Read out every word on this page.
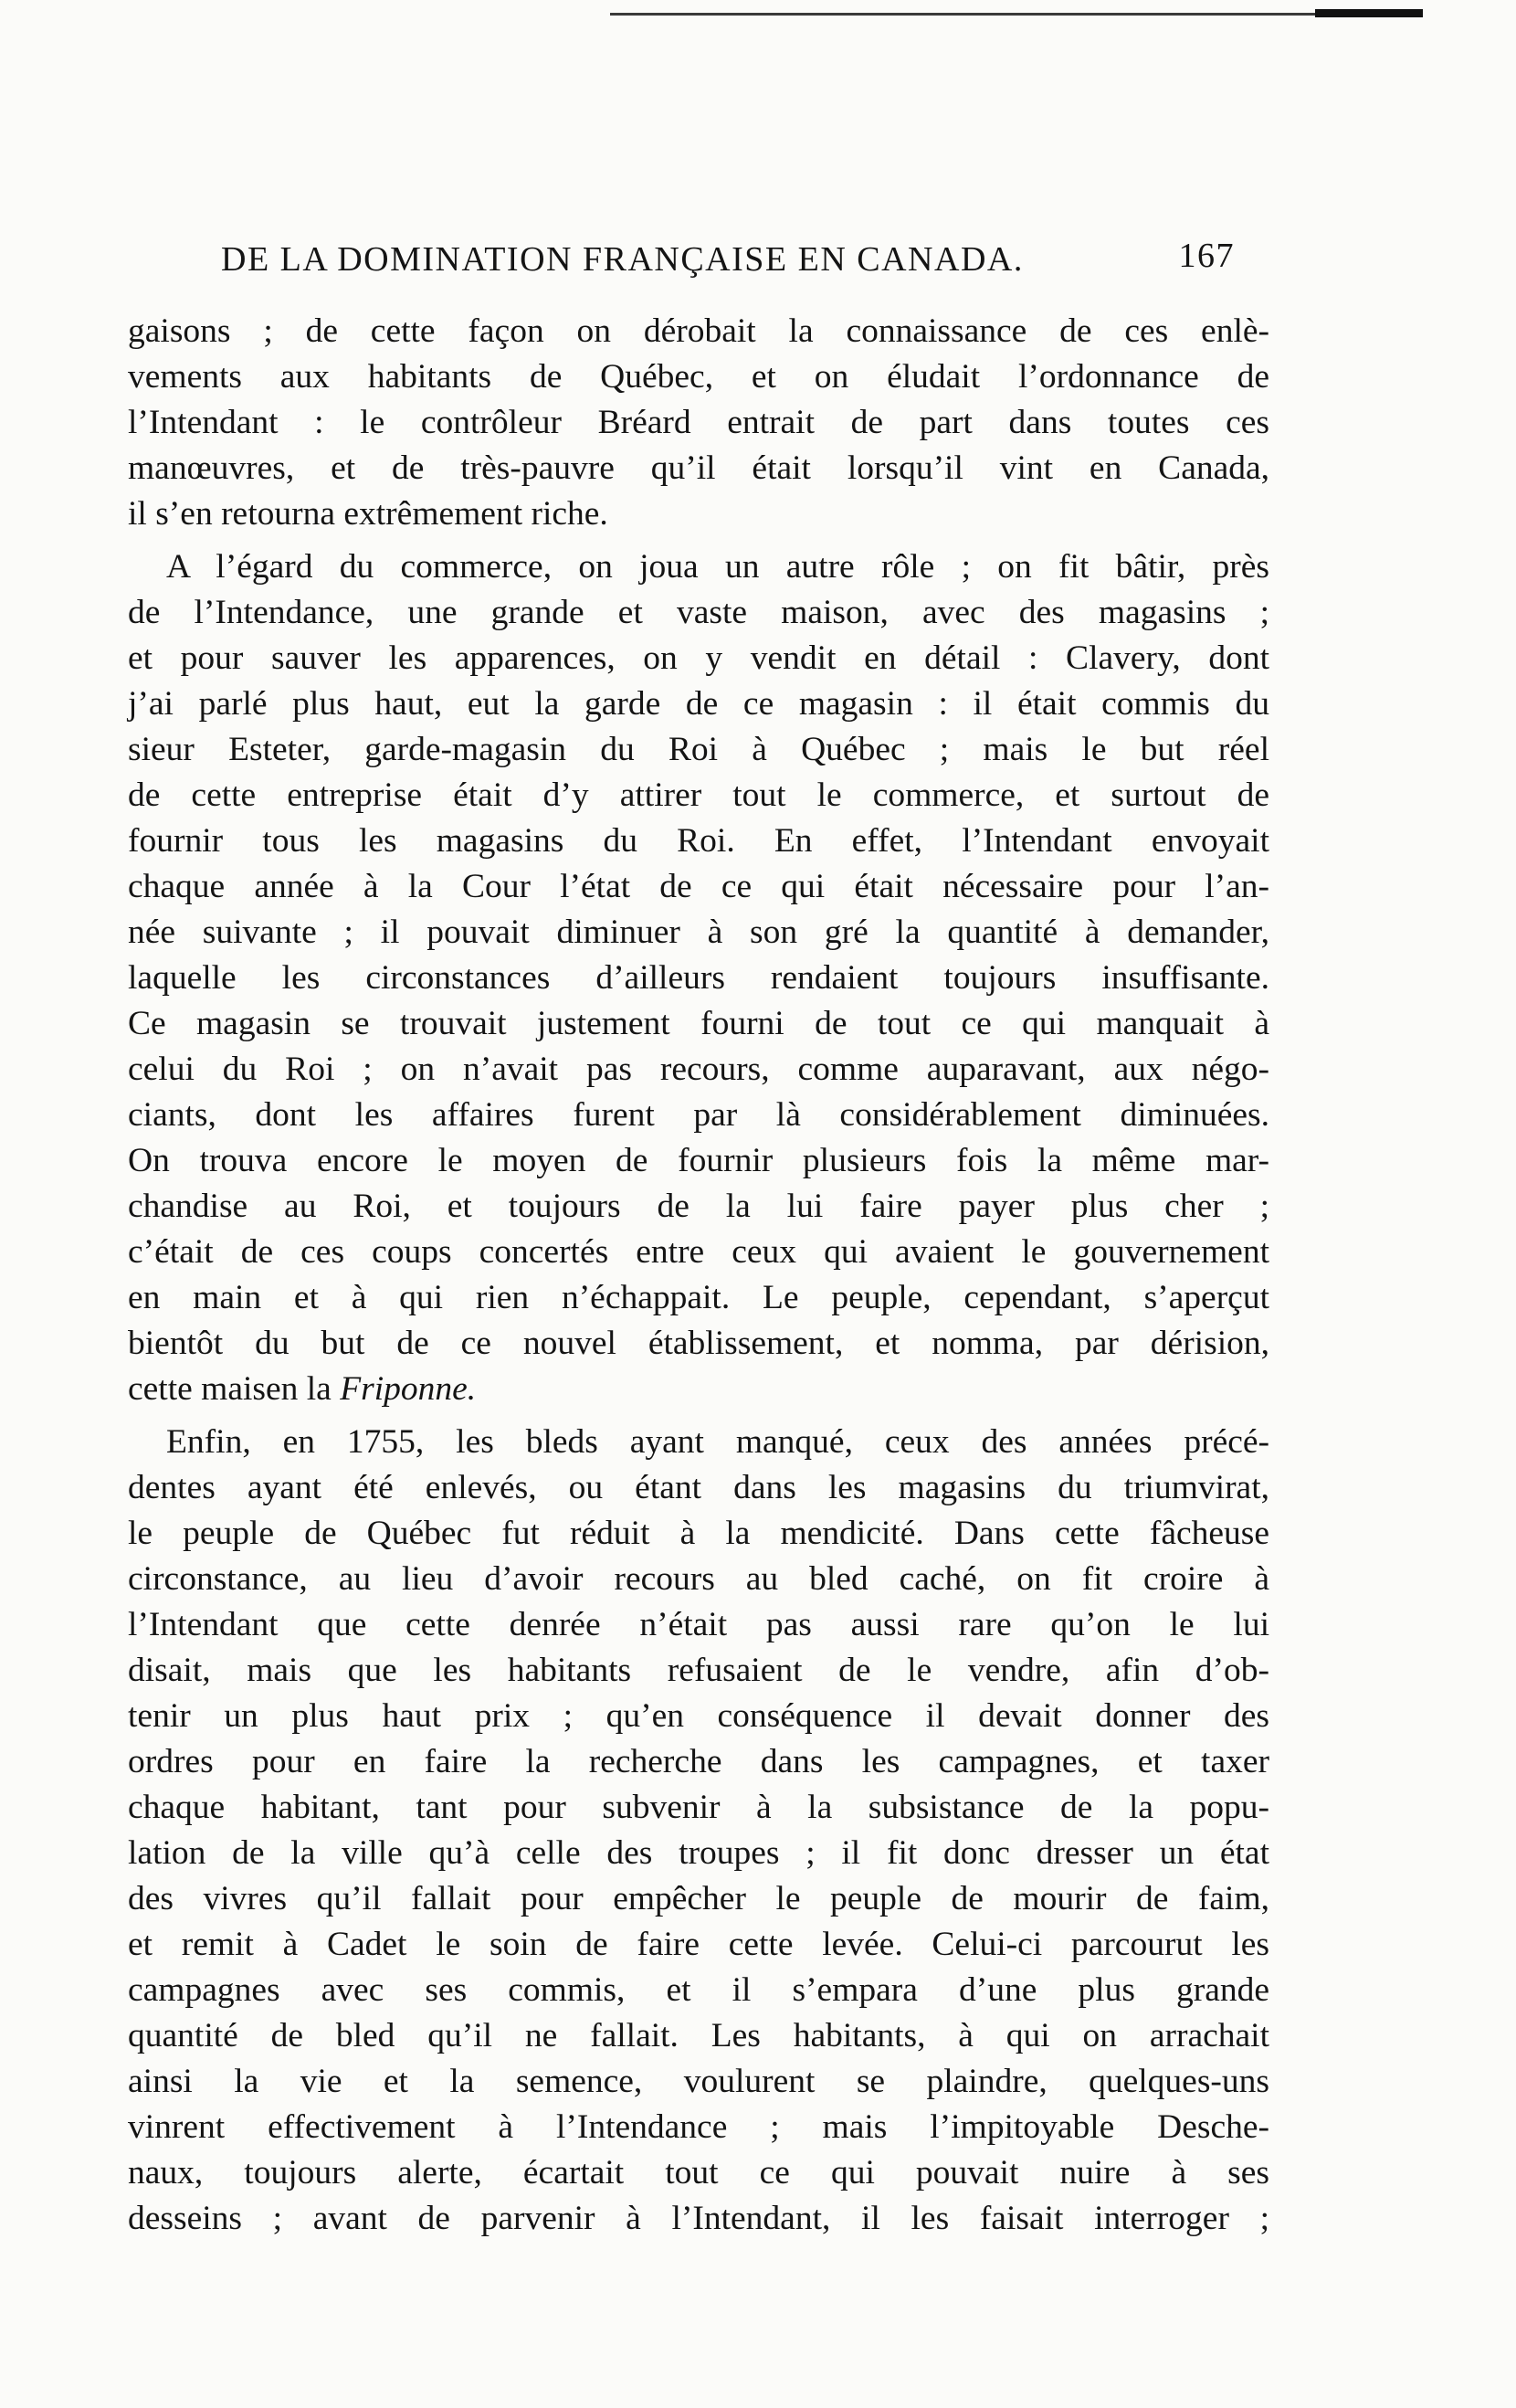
DE LA DOMINATION FRANÇAISE EN CANADA.	167

gaisons ; de cette façon on dérobait la connaissance de ces enlè-

vements aux habitants de Québec, et on éludait l’ordonnance de

l’Intendant : le contrôleur Bréard entrait de part dans toutes ces

manœuvres, et de très-pauvre qu’il était lorsqu’il vint en Canada,

il s’en retourna extrêmement riche.

A l’égard du commerce, on joua un autre rôle ; on fit bâtir, près

de l’Intendance, une grande et vaste maison, avec des magasins ;

et pour sauver les apparences, on y vendit en détail : Clavery, dont

j’ai parlé plus haut, eut la garde de ce magasin : il était commis du

sieur Esteter, garde-magasin du Roi à Québec ; mais le but réel

de cette entreprise était d’y attirer tout le commerce, et surtout de

fournir tous les magasins du Roi. En effet, l’Intendant envoyait

chaque année à la Cour l’état de ce qui était nécessaire pour l’an-

née suivante ; il pouvait diminuer à son gré la quantité à demander,

laquelle les circonstances d’ailleurs rendaient toujours insuffisante.

Ce magasin se trouvait justement fourni de tout ce qui manquait à

celui du Roi ; on n’avait pas recours, comme auparavant, aux négo-

ciants, dont les affaires furent par là considérablement diminuées.

On trouva encore le moyen de fournir plusieurs fois la même mar-

chandise au Roi, et toujours de la lui faire payer plus cher ;

c’était de ces coups concertés entre ceux qui avaient le gouvernement

en main et à qui rien n’échappait. Le peuple, cependant, s’aperçut

bientôt du but de ce nouvel établissement, et nomma, par dérision,

cette maisen la Friponne.

Enfin, en 1755, les bleds ayant manqué, ceux des années précé-

dentes ayant été enlevés, ou étant dans les magasins du triumvirat,

le peuple de Québec fut réduit à la mendicité. Dans cette fâcheuse

circonstance, au lieu d’avoir recours au bled caché, on fit croire à

l’Intendant que cette denrée n’était pas aussi rare qu’on le lui

disait, mais que les habitants refusaient de le vendre, afin d’ob-

tenir un plus haut prix ; qu’en conséquence il devait donner des

ordres pour en faire la recherche dans les campagnes, et taxer

chaque habitant, tant pour subvenir à la subsistance de la popu-

lation de la ville qu’à celle des troupes ; il fit donc dresser un état

des vivres qu’il fallait pour empêcher le peuple de mourir de faim,

et remit à Cadet le soin de faire cette levée. Celui-ci parcourut les

campagnes avec ses commis, et il s’empara d’une plus grande

quantité de bled qu’il ne fallait. Les habitants, à qui on arrachait

ainsi la vie et la semence, voulurent se plaindre, quelques-uns

vinrent effectivement à l’Intendance ; mais l’impitoyable Desche-

naux, toujours alerte, écartait tout ce qui pouvait nuire à ses

desseins ; avant de parvenir à l’Intendant, il les faisait interroger ;
